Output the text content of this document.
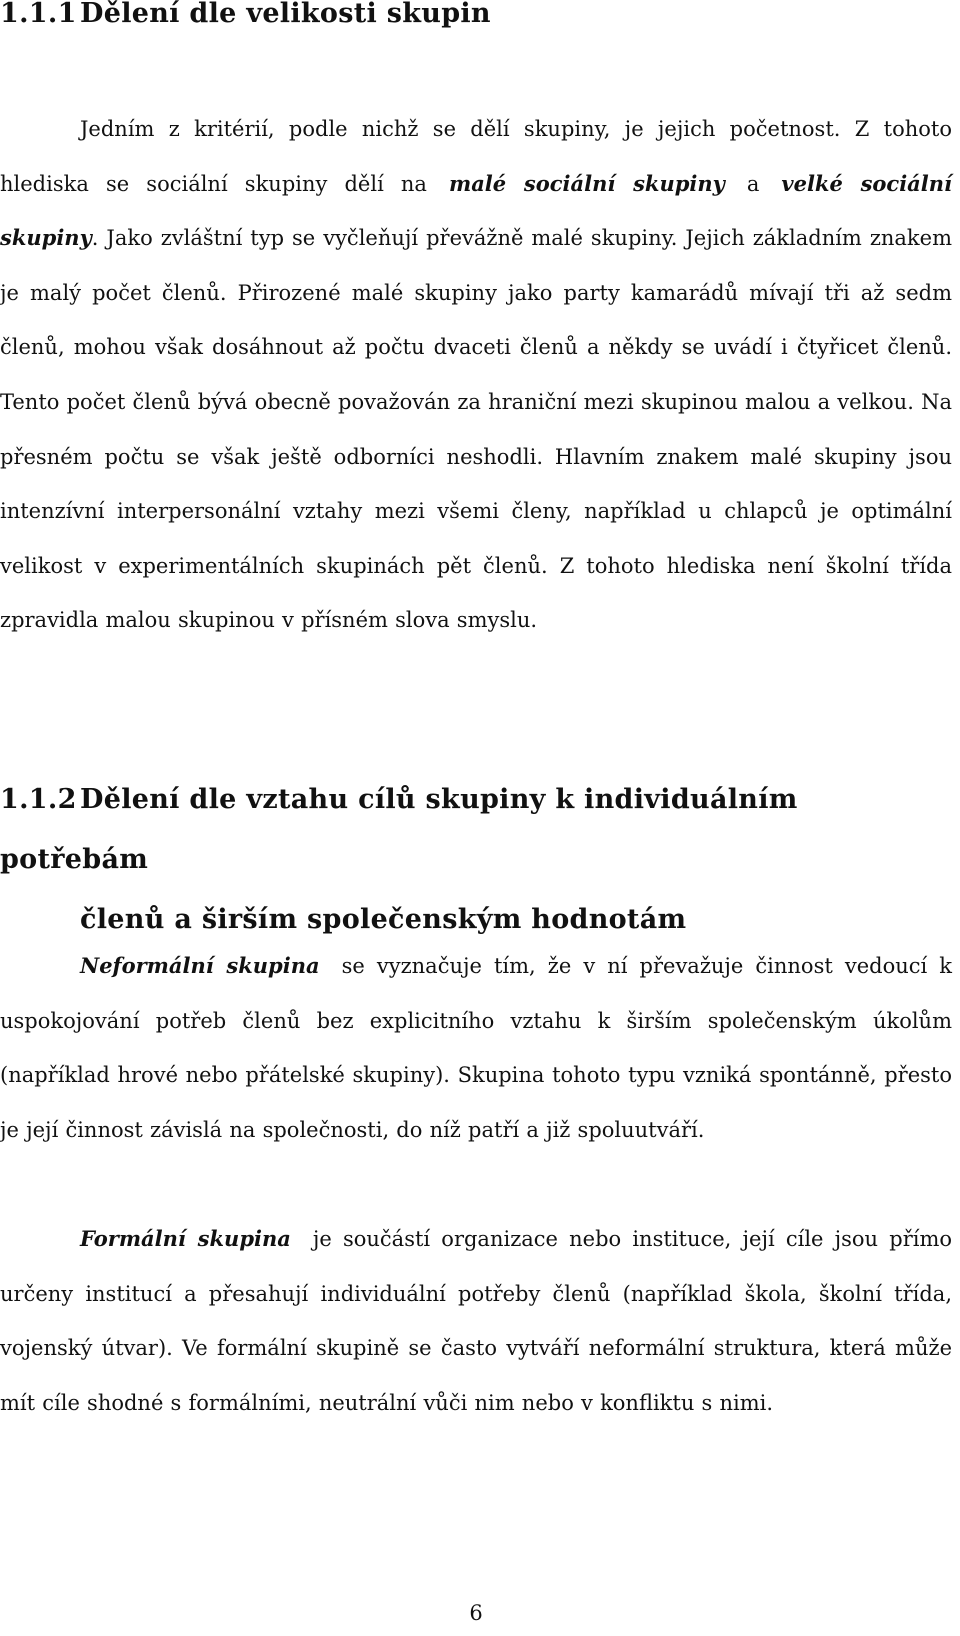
1.1.1 Dělení dle velikosti skupin

Jedním z kritérií, podle nichž se dělí skupiny, je jejich početnost. Z tohoto hlediska se sociální skupiny dělí na malé sociální skupiny a velké sociální skupiny. Jako zvláštní typ se vyčleňují převážně malé skupiny. Jejich základním znakem je malý počet členů. Přirozené malé skupiny jako party kamarádů mívají tři až sedm členů, mohou však dosáhnout až počtu dvaceti členů a někdy se uvádí i čtyřicet členů. Tento počet členů bývá obecně považován za hraniční mezi skupinou malou a velkou. Na přesném počtu se však ještě odborníci neshodli. Hlavním znakem malé skupiny jsou intenzívní interpersonální vztahy mezi všemi členy, například u chlapců je optimální velikost v experimentálních skupinách pět členů. Z tohoto hlediska není školní třída zpravidla malou skupinou v přísném slova smyslu.

1.1.2 Dělení dle vztahu cílů skupiny k individuálním potřebám
členů a širším společenským hodnotám

Neformální skupina se vyznačuje tím, že v ní převažuje činnost vedoucí k uspokojování potřeb členů bez explicitního vztahu k širším společenským úkolům (například hrové nebo přátelské skupiny). Skupina tohoto typu vzniká spontánně, přesto je její činnost závislá na společnosti, do níž patří a již spoluutváří.

Formální skupina je součástí organizace nebo instituce, její cíle jsou přímo určeny institucí a přesahují individuální potřeby členů (například škola, školní třída, vojenský útvar). Ve formální skupině se často vytváří neformální struktura, která může mít cíle shodné s formálními, neutrální vůči nim nebo v konfliktu s nimi.

6
